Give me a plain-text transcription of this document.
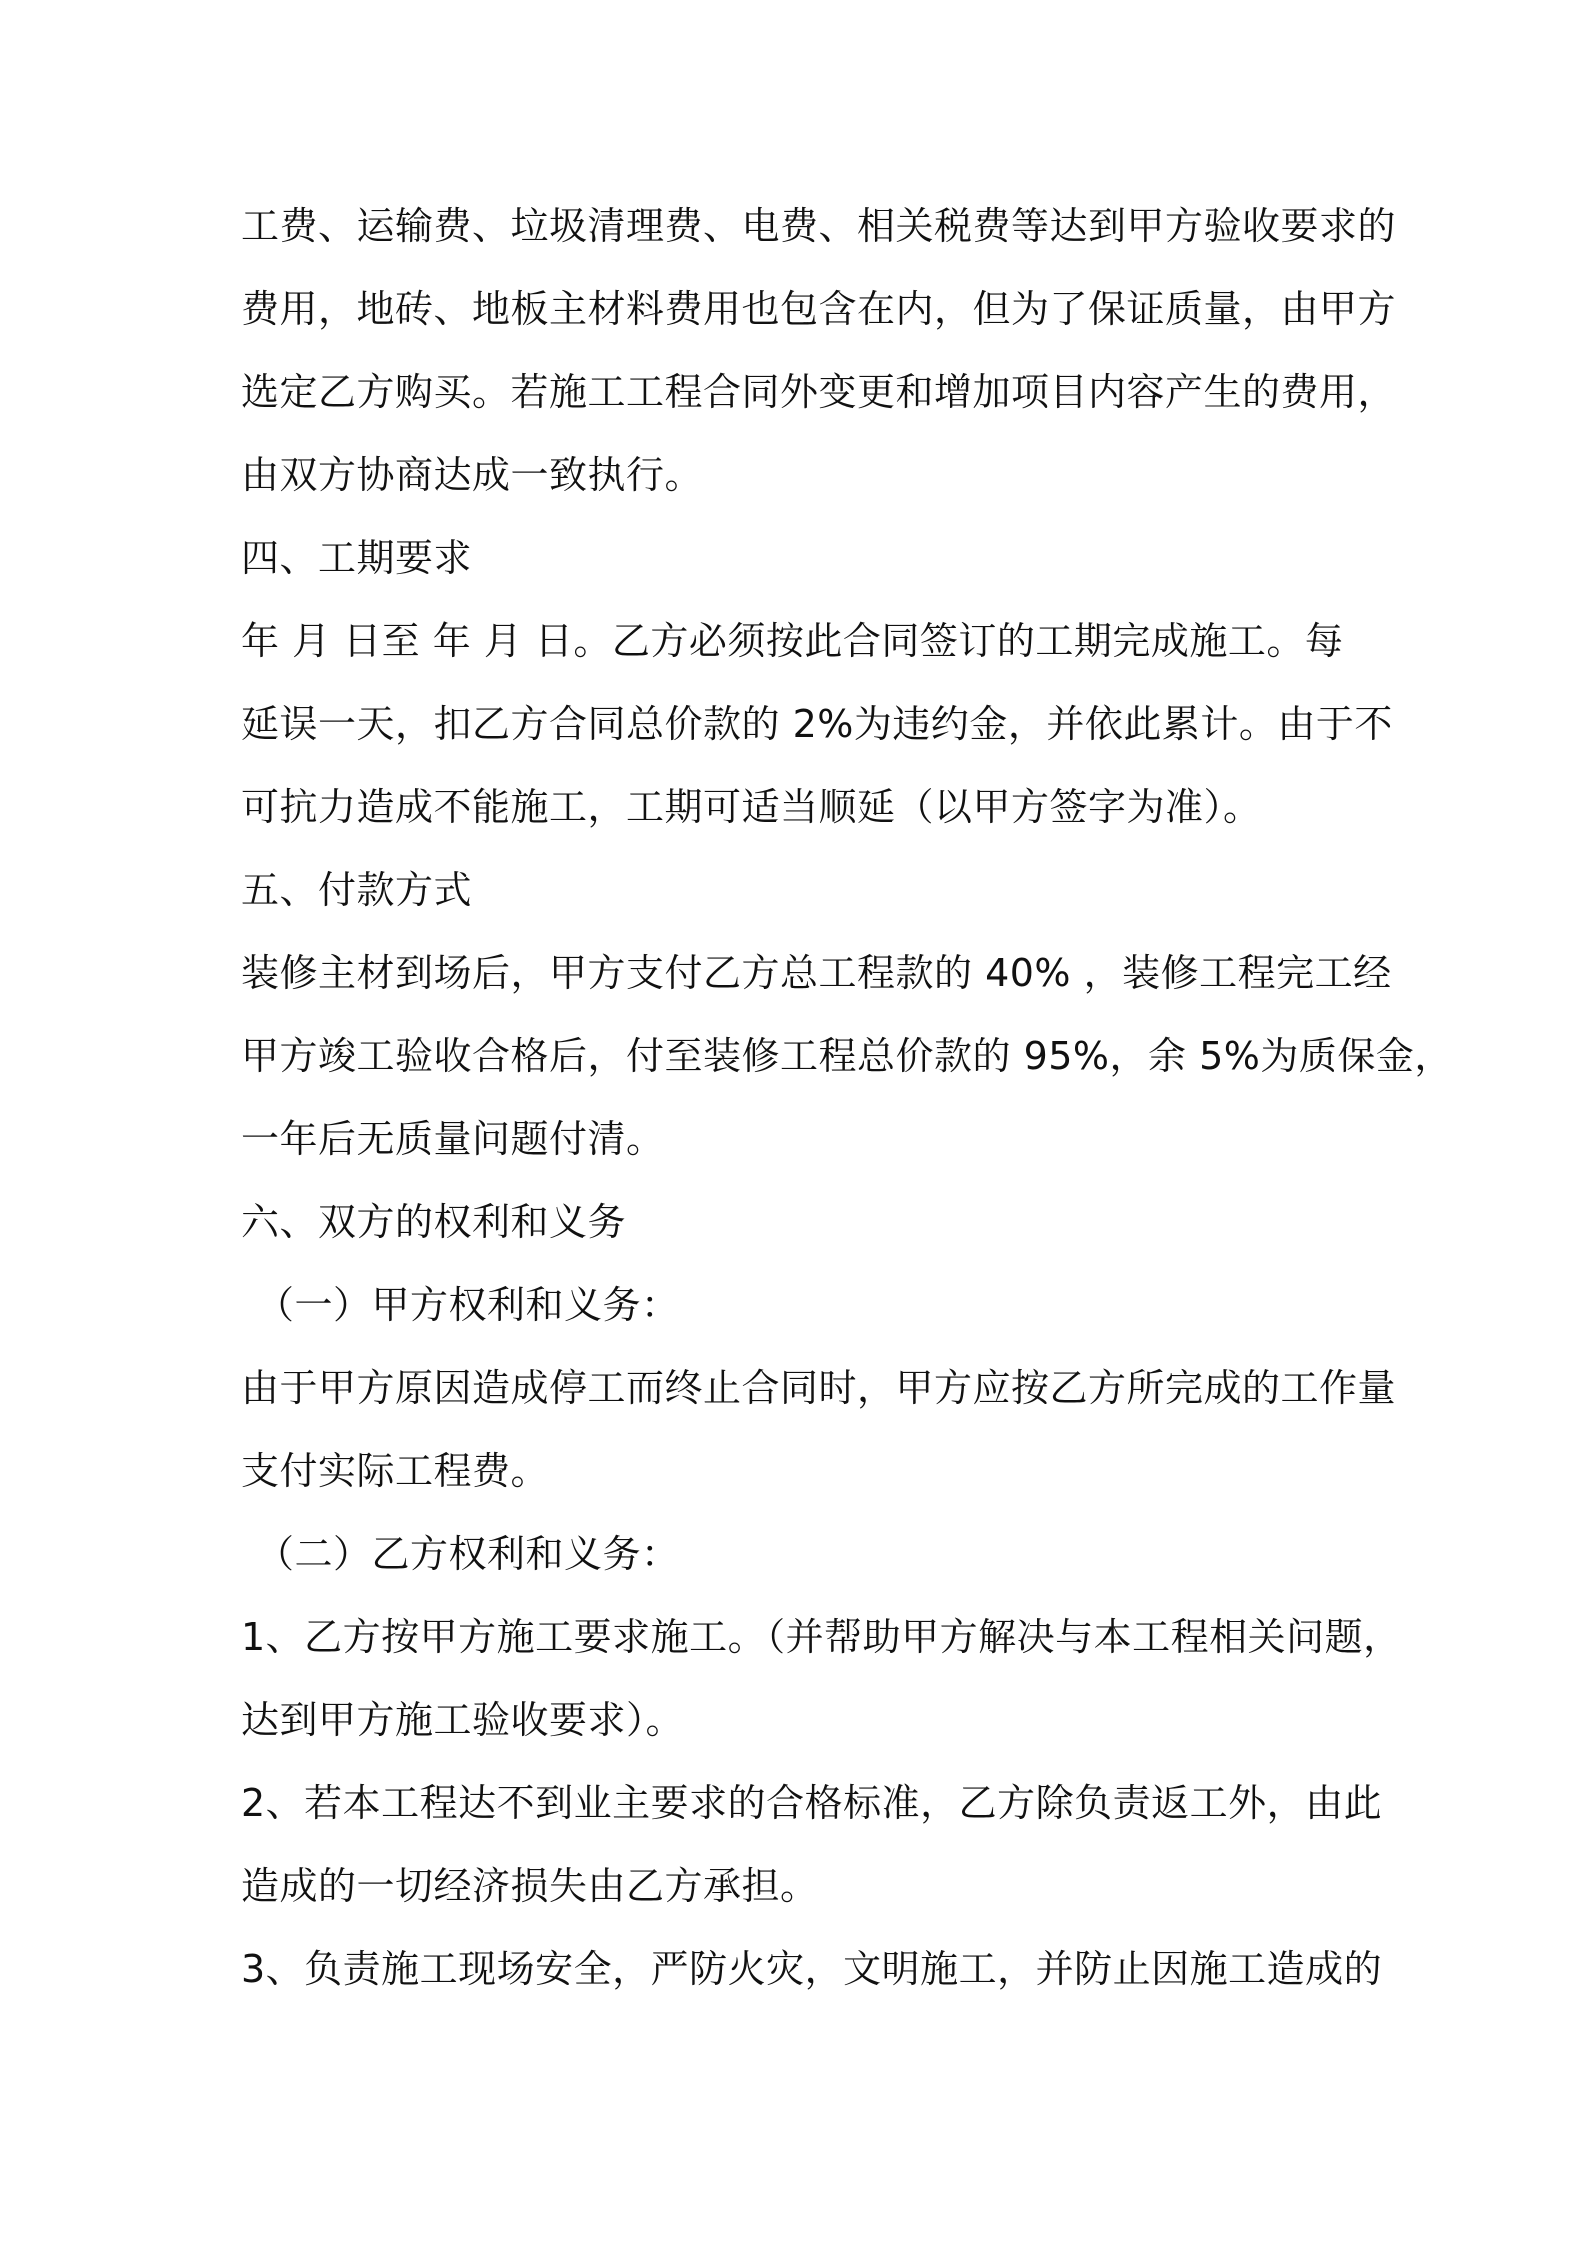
工费、运输费、垃圾清理费、电费、相关税费等达到甲方验收要求的
费用，地砖、地板主材料费用也包含在内，但为了保证质量，由甲方
选定乙方购买。若施工工程合同外变更和增加项目内容产生的费用，
由双方协商达成一致执行。
四、工期要求
年 月 日至 年 月 日。乙方必须按此合同签订的工期完成施工。每
延误一天，扣乙方合同总价款的 2%为违约金，并依此累计。由于不
可抗力造成不能施工，工期可适当顺延（以甲方签字为准）。
五、付款方式
装修主材到场后，甲方支付乙方总工程款的 40% ，装修工程完工经
甲方竣工验收合格后，付至装修工程总价款的 95%，余 5%为质保金，
一年后无质量问题付清。
六、双方的权利和义务
（一）甲方权利和义务：
由于甲方原因造成停工而终止合同时，甲方应按乙方所完成的工作量
支付实际工程费。
（二）乙方权利和义务：
1、乙方按甲方施工要求施工。（并帮助甲方解决与本工程相关问题，
达到甲方施工验收要求）。
2、若本工程达不到业主要求的合格标准，乙方除负责返工外，由此
造成的一切经济损失由乙方承担。
3、负责施工现场安全，严防火灾，文明施工，并防止因施工造成的
